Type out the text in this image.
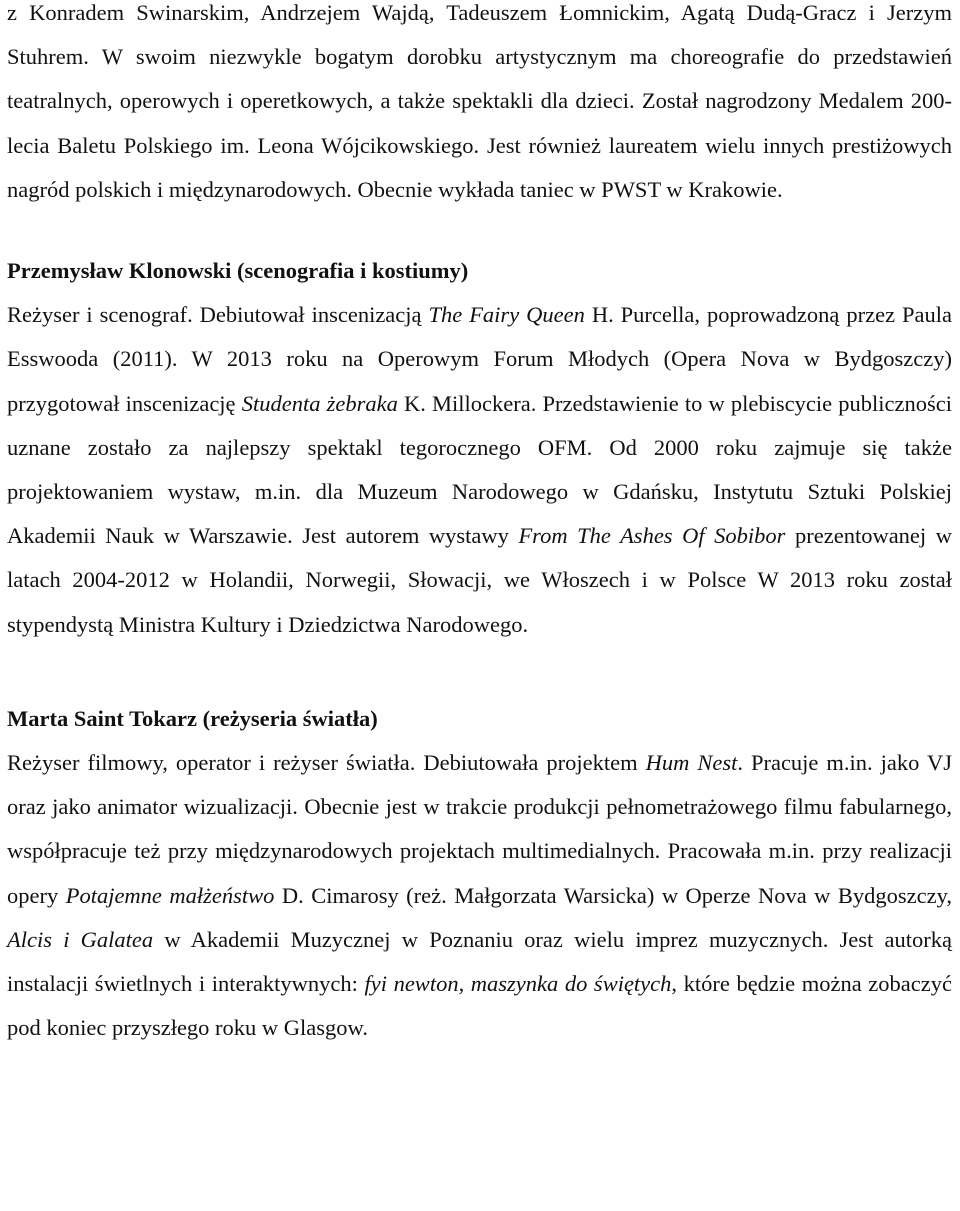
z Konradem Swinarskim, Andrzejem Wajdą, Tadeuszem Łomnickim, Agatą Dudą-Gracz i Jerzym Stuhrem. W swoim niezwykle bogatym dorobku artystycznym ma choreografie do przedstawień teatralnych, operowych i operetkowych, a także spektakli dla dzieci. Został nagrodzony Medalem 200-lecia Baletu Polskiego im. Leona Wójcikowskiego. Jest również laureatem wielu innych prestiżowych nagród polskich i międzynarodowych. Obecnie wykłada taniec w PWST w Krakowie.

Przemysław Klonowski (scenografia i kostiumy)

Reżyser i scenograf. Debiutował inscenizacją The Fairy Queen H. Purcella, poprowadzoną przez Paula Esswooda (2011). W 2013 roku na Operowym Forum Młodych (Opera Nova w Bydgoszczy) przygotował inscenizację Studenta żebraka K. Millockera. Przedstawienie to w plebiscycie publiczności uznane zostało za najlepszy spektakl tegorocznego OFM. Od 2000 roku zajmuje się także projektowaniem wystaw, m.in. dla Muzeum Narodowego w Gdańsku, Instytutu Sztuki Polskiej Akademii Nauk w Warszawie. Jest autorem wystawy From The Ashes Of Sobibor prezentowanej w latach 2004-2012 w Holandii, Norwegii, Słowacji, we Włoszech i w Polsce W 2013 roku został stypendystą Ministra Kultury i Dziedzictwa Narodowego.

Marta Saint Tokarz (reżyseria światła)

Reżyser filmowy, operator i reżyser światła. Debiutowała projektem Hum Nest. Pracuje m.in. jako VJ oraz jako animator wizualizacji. Obecnie jest w trakcie produkcji pełnometrażowego filmu fabularnego, współpracuje też przy międzynarodowych projektach multimedialnych. Pracowała m.in. przy realizacji opery Potajemne małżeństwo D. Cimarosy (reż. Małgorzata Warsicka) w Operze Nova w Bydgoszczy, Alcis i Galatea w Akademii Muzycznej w Poznaniu oraz wielu imprez muzycznych. Jest autorką instalacji świetlnych i interaktywnych: fyi newton, maszynka do świętych, które będzie można zobaczyć pod koniec przyszłego roku w Glasgow.
